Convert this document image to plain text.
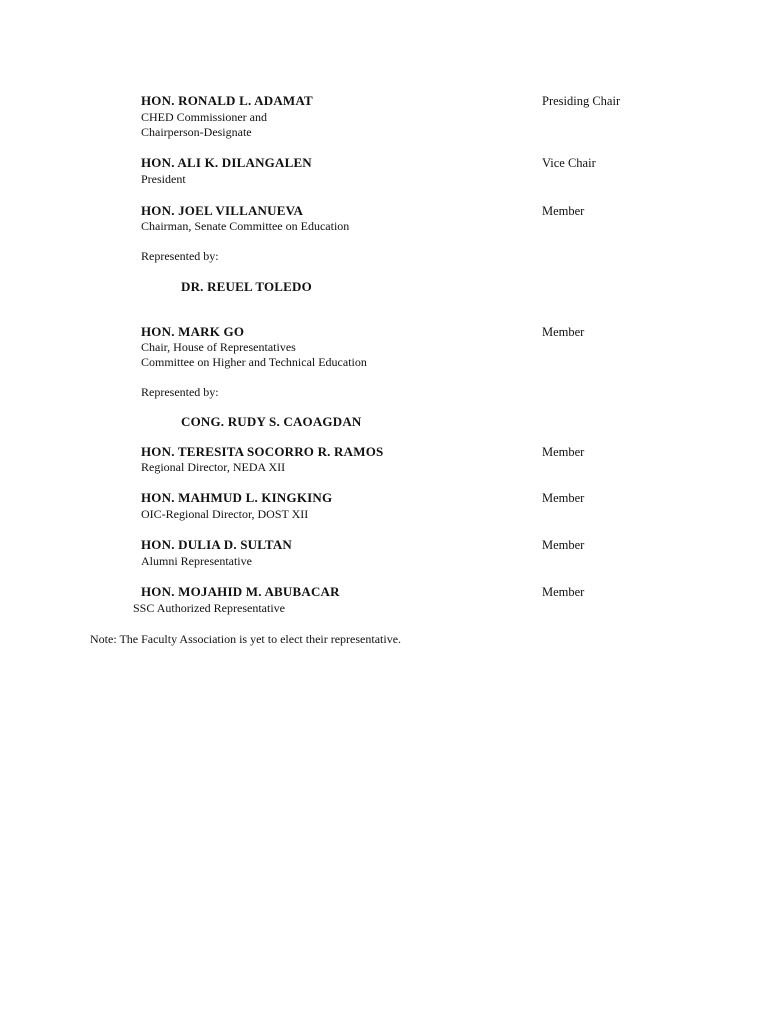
HON. RONALD L. ADAMAT	Presiding Chair
CHED Commissioner and
Chairperson-Designate
HON. ALI K. DILANGALEN	Vice Chair
President
HON. JOEL VILLANUEVA	Member
Chairman, Senate Committee on Education
Represented by:
DR. REUEL TOLEDO
HON. MARK GO	Member
Chair, House of Representatives
Committee on Higher and Technical Education
Represented by:
CONG. RUDY S. CAOAGDAN
HON. TERESITA SOCORRO R. RAMOS	Member
Regional Director, NEDA XII
HON. MAHMUD L. KINGKING	Member
OIC-Regional Director, DOST XII
HON. DULIA D. SULTAN	Member
Alumni Representative
HON. MOJAHID M. ABUBACAR	Member
SSC Authorized Representative
Note: The Faculty Association is yet to elect their representative.
